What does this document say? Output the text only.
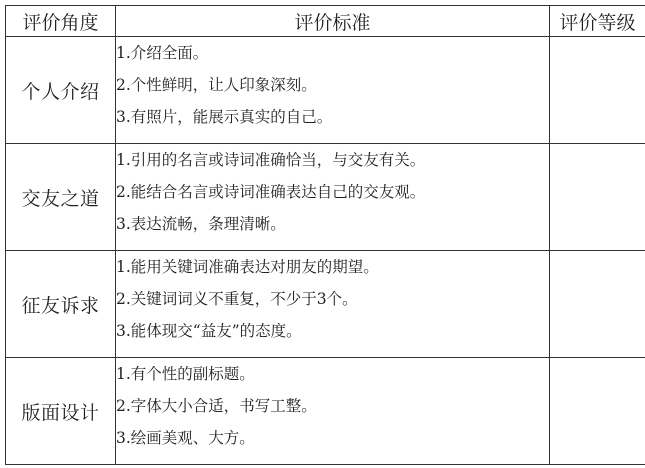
评价角度	评价标准	评价等级
个人介绍	1.介绍全面。
2.个性鲜明，让人印象深刻。
3.有照片，能展示真实的自己。	

交友之道	1.引用的名言或诗词准确恰当，与交友有关。
2.能结合名言或诗词准确表达自己的交友观。
3.表达流畅，条理清晰。	

征友诉求	1.能用关键词准确表达对朋友的期望。
2.关键词词义不重复，不少于3个。
3.能体现交“益友”的态度。	

版面设计	1.有个性的副标题。
2.字体大小合适，书写工整。
3.绘画美观、大方。	
